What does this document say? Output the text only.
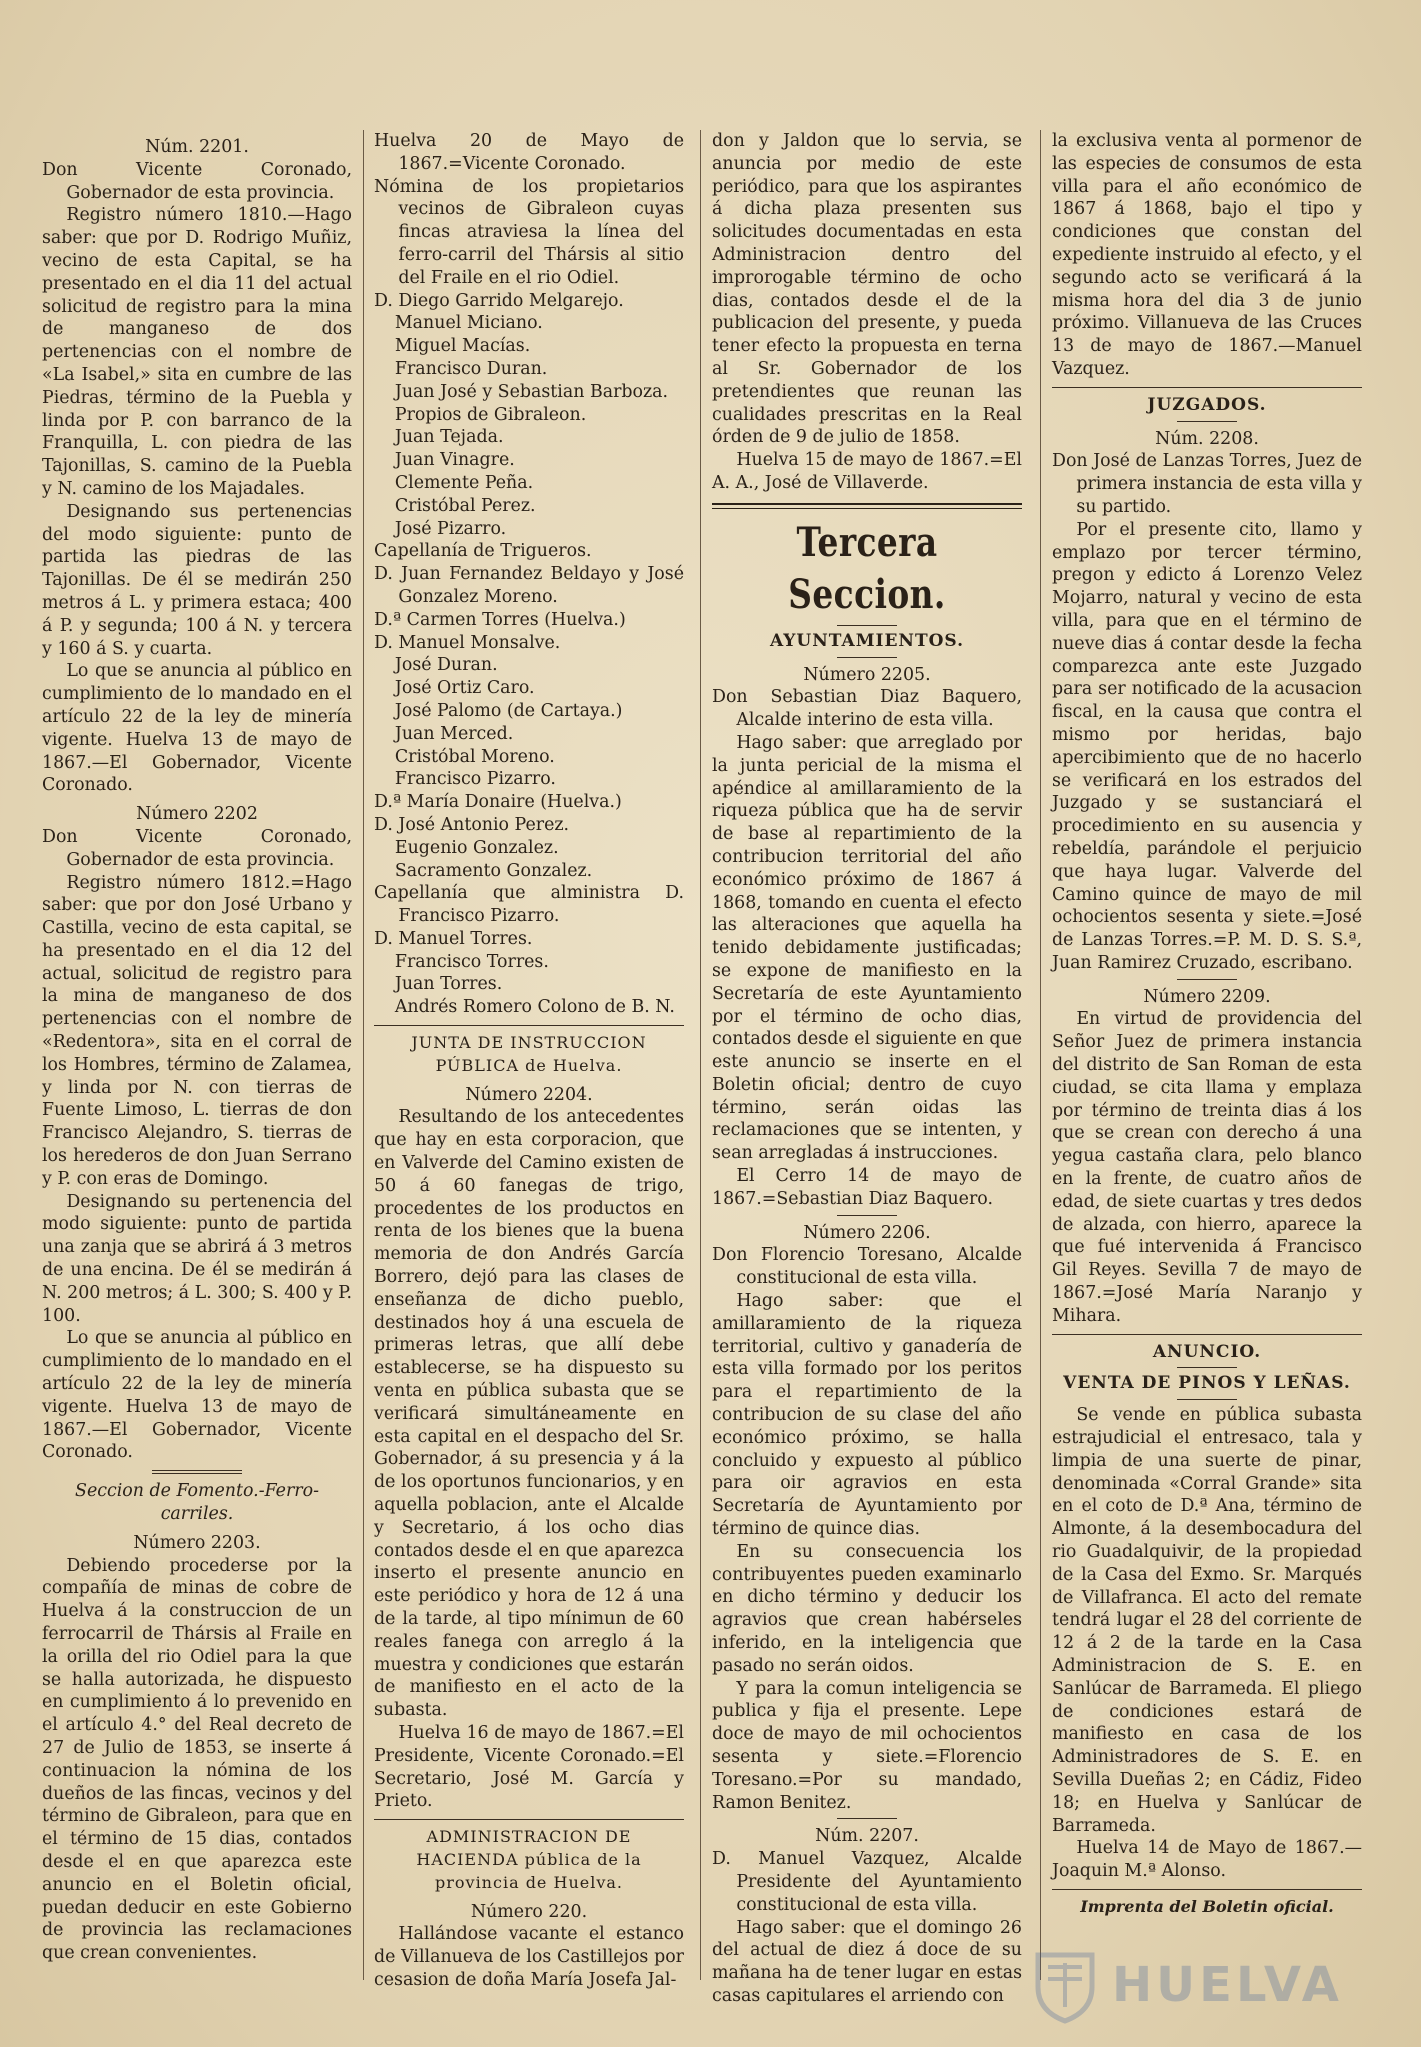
Núm. 2201.

Don Vicente Coronado, Gobernador de esta provincia.

Registro número 1810.—Hago saber: que por D. Rodrigo Muñiz, vecino de esta Capital, se ha presentado en el dia 11 del actual solicitud de registro para la mina de manganeso de dos pertenencias con el nombre de «La Isabel,» sita en cumbre de las Piedras, término de la Puebla y linda por P. con barranco de la Franquilla, L. con piedra de las Tajonillas, S. camino de la Puebla y N. camino de los Majadales.

Designando sus pertenencias del modo siguiente: punto de partida las piedras de las Tajonillas. De él se medirán 250 metros á L. y primera estaca; 400 á P. y segunda; 100 á N. y tercera y 160 á S. y cuarta.

Lo que se anuncia al público en cumplimiento de lo mandado en el artículo 22 de la ley de minería vigente. Huelva 13 de mayo de 1867.—El Gobernador, Vicente Coronado.

Número 2202

Don Vicente Coronado, Gobernador de esta provincia.

Registro número 1812.=Hago saber: que por don José Urbano y Castilla, vecino de esta capital, se ha presentado en el dia 12 del actual, solicitud de registro para la mina de manganeso de dos pertenencias con el nombre de «Redentora», sita en el corral de los Hombres, término de Zalamea, y linda por N. con tierras de Fuente Limoso, L. tierras de don Francisco Alejandro, S. tierras de los herederos de don Juan Serrano y P. con eras de Domingo.

Designando su pertenencia del modo siguiente: punto de partida una zanja que se abrirá á 3 metros de una encina. De él se medirán á N. 200 metros; á L. 300; S. 400 y P. 100.

Lo que se anuncia al público en cumplimiento de lo mandado en el artículo 22 de la ley de minería vigente. Huelva 13 de mayo de 1867.—El Gobernador, Vicente Coronado.

Seccion de Fomento.-Ferro-carriles.

Número 2203.

Debiendo procederse por la compañía de minas de cobre de Huelva á la construccion de un ferrocarril de Thársis al Fraile en la orilla del rio Odiel para la que se halla autorizada, he dispuesto en cumplimiento á lo prevenido en el artículo 4.° del Real decreto de 27 de Julio de 1853, se inserte á continuacion la nómina de los dueños de las fincas, vecinos y del término de Gibraleon, para que en el término de 15 dias, contados desde el en que aparezca este anuncio en el Boletin oficial, puedan deducir en este Gobierno de provincia las reclamaciones que crean convenientes.

Huelva 20 de Mayo de 1867.=Vicente Coronado.

Nómina de los propietarios vecinos de Gibraleon cuyas fincas atraviesa la línea del ferro-carril del Thársis al sitio del Fraile en el rio Odiel.

D. Diego Garrido Melgarejo.

Manuel Miciano.

Miguel Macías.

Francisco Duran.

Juan José y Sebastian Barboza.

Propios de Gibraleon.

Juan Tejada.

Juan Vinagre.

Clemente Peña.

Cristóbal Perez.

José Pizarro.

Capellanía de Trigueros.

D. Juan Fernandez Beldayo y José Gonzalez Moreno.

D.ª Carmen Torres (Huelva.)

D. Manuel Monsalve.

José Duran.

José Ortiz Caro.

José Palomo (de Cartaya.)

Juan Merced.

Cristóbal Moreno.

Francisco Pizarro.

D.ª María Donaire (Huelva.)

D. José Antonio Perez.

Eugenio Gonzalez.

Sacramento Gonzalez.

Capellanía que alministra D. Francisco Pizarro.

D. Manuel Torres.

Francisco Torres.

Juan Torres.

Andrés Romero Colono de B. N.

JUNTA DE INSTRUCCION PÚBLICA de Huelva.

Número 2204.

Resultando de los antecedentes que hay en esta corporacion, que en Valverde del Camino existen de 50 á 60 fanegas de trigo, procedentes de los productos en renta de los bienes que la buena memoria de don Andrés García Borrero, dejó para las clases de enseñanza de dicho pueblo, destinados hoy á una escuela de primeras letras, que allí debe establecerse, se ha dispuesto su venta en pública subasta que se verificará simultáneamente en esta capital en el despacho del Sr. Gobernador, á su presencia y á la de los oportunos funcionarios, y en aquella poblacion, ante el Alcalde y Secretario, á los ocho dias contados desde el en que aparezca inserto el presente anuncio en este periódico y hora de 12 á una de la tarde, al tipo mínimun de 60 reales fanega con arreglo á la muestra y condiciones que estarán de manifiesto en el acto de la subasta.

Huelva 16 de mayo de 1867.=El Presidente, Vicente Coronado.=El Secretario, José M. García y Prieto.

ADMINISTRACION DE HACIENDA pública de la provincia de Huelva.

Número 220.

Hallándose vacante el estanco de Villanueva de los Castillejos por cesasion de doña María Josefa Jal-

don y Jaldon que lo servia, se anuncia por medio de este periódico, para que los aspirantes á dicha plaza presenten sus solicitudes documentadas en esta Administracion dentro del improrogable término de ocho dias, contados desde el de la publicacion del presente, y pueda tener efecto la propuesta en terna al Sr. Gobernador de los pretendientes que reunan las cualidades prescritas en la Real órden de 9 de julio de 1858.

Huelva 15 de mayo de 1867.=El A. A., José de Villaverde.

Tercera Seccion.

AYUNTAMIENTOS.

Número 2205.

Don Sebastian Diaz Baquero, Alcalde interino de esta villa.

Hago saber: que arreglado por la junta pericial de la misma el apéndice al amillaramiento de la riqueza pública que ha de servir de base al repartimiento de la contribucion territorial del año económico próximo de 1867 á 1868, tomando en cuenta el efecto las alteraciones que aquella ha tenido debidamente justificadas; se expone de manifiesto en la Secretaría de este Ayuntamiento por el término de ocho dias, contados desde el siguiente en que este anuncio se inserte en el Boletin oficial; dentro de cuyo término, serán oidas las reclamaciones que se intenten, y sean arregladas á instrucciones.

El Cerro 14 de mayo de 1867.=Sebastian Diaz Baquero.

Número 2206.

Don Florencio Toresano, Alcalde constitucional de esta villa.

Hago saber: que el amillaramiento de la riqueza territorial, cultivo y ganadería de esta villa formado por los peritos para el repartimiento de la contribucion de su clase del año económico próximo, se halla concluido y expuesto al público para oir agravios en esta Secretaría de Ayuntamiento por término de quince dias.

En su consecuencia los contribuyentes pueden examinarlo en dicho término y deducir los agravios que crean habérseles inferido, en la inteligencia que pasado no serán oidos.

Y para la comun inteligencia se publica y fija el presente. Lepe doce de mayo de mil ochocientos sesenta y siete.=Florencio Toresano.=Por su mandado, Ramon Benitez.

Núm. 2207.

D. Manuel Vazquez, Alcalde Presidente del Ayuntamiento constitucional de esta villa.

Hago saber: que el domingo 26 del actual de diez á doce de su mañana ha de tener lugar en estas casas capitulares el arriendo con

la exclusiva venta al pormenor de las especies de consumos de esta villa para el año económico de 1867 á 1868, bajo el tipo y condiciones que constan del expediente instruido al efecto, y el segundo acto se verificará á la misma hora del dia 3 de junio próximo. Villanueva de las Cruces 13 de mayo de 1867.—Manuel Vazquez.

JUZGADOS.

Núm. 2208.

Don José de Lanzas Torres, Juez de primera instancia de esta villa y su partido.

Por el presente cito, llamo y emplazo por tercer término, pregon y edicto á Lorenzo Velez Mojarro, natural y vecino de esta villa, para que en el término de nueve dias á contar desde la fecha comparezca ante este Juzgado para ser notificado de la acusacion fiscal, en la causa que contra el mismo por heridas, bajo apercibimiento que de no hacerlo se verificará en los estrados del Juzgado y se sustanciará el procedimiento en su ausencia y rebeldía, parándole el perjuicio que haya lugar. Valverde del Camino quince de mayo de mil ochocientos sesenta y siete.=José de Lanzas Torres.=P. M. D. S. S.ª, Juan Ramirez Cruzado, escribano.

Número 2209.

En virtud de providencia del Señor Juez de primera instancia del distrito de San Roman de esta ciudad, se cita llama y emplaza por término de treinta dias á los que se crean con derecho á una yegua castaña clara, pelo blanco en la frente, de cuatro años de edad, de siete cuartas y tres dedos de alzada, con hierro, aparece la que fué intervenida á Francisco Gil Reyes. Sevilla 7 de mayo de 1867.=José María Naranjo y Mihara.

ANUNCIO.

VENTA DE PINOS Y LEÑAS.

Se vende en pública subasta estrajudicial el entresaco, tala y limpia de una suerte de pinar, denominada «Corral Grande» sita en el coto de D.ª Ana, término de Almonte, á la desembocadura del rio Guadalquivir, de la propiedad de la Casa del Exmo. Sr. Marqués de Villafranca. El acto del remate tendrá lugar el 28 del corriente de 12 á 2 de la tarde en la Casa Administracion de S. E. en Sanlúcar de Barrameda. El pliego de condiciones estará de manifiesto en casa de los Administradores de S. E. en Sevilla Dueñas 2; en Cádiz, Fideo 18; en Huelva y Sanlúcar de Barrameda.

Huelva 14 de Mayo de 1867.—Joaquin M.ª Alonso.

Imprenta del Boletin oficial.

HUELVA
